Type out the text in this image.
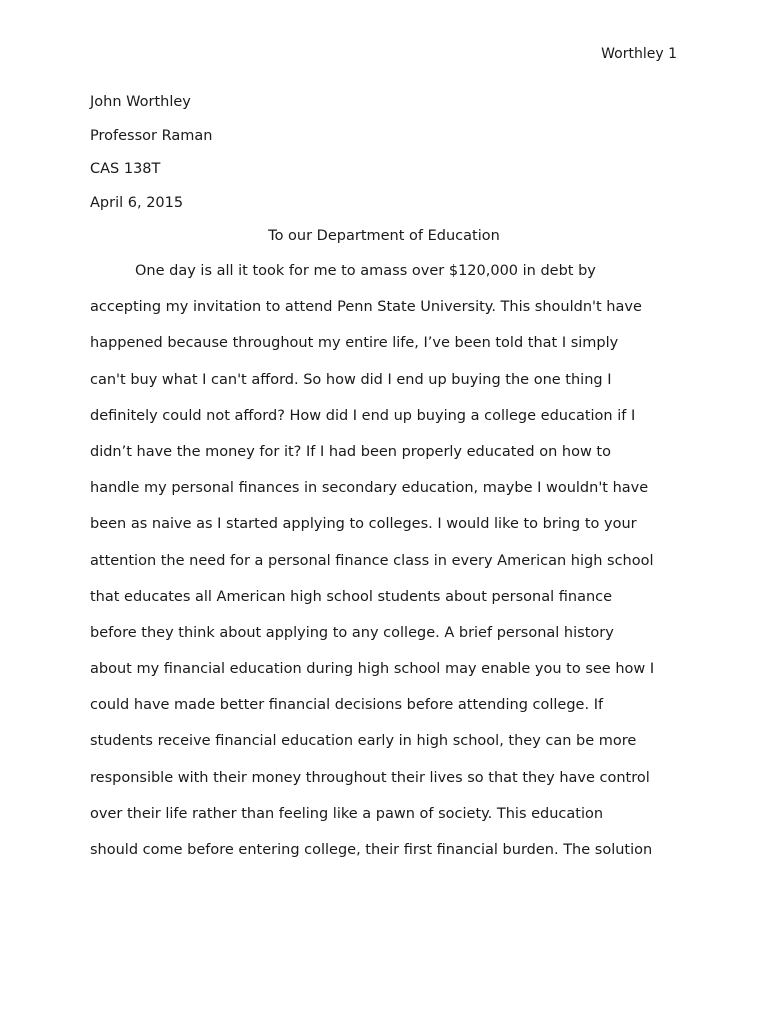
Worthley 1
John Worthley
Professor Raman
CAS 138T
April 6, 2015
To our Department of Education
One day is all it took for me to amass over $120,000 in debt by
accepting my invitation to attend Penn State University. This shouldn't have
happened because throughout my entire life, I’ve been told that I simply
can't buy what I can't afford. So how did I end up buying the one thing I
definitely could not afford? How did I end up buying a college education if I
didn’t have the money for it? If I had been properly educated on how to
handle my personal finances in secondary education, maybe I wouldn't have
been as naive as I started applying to colleges. I would like to bring to your
attention the need for a personal finance class in every American high school
that educates all American high school students about personal finance
before they think about applying to any college. A brief personal history
about my financial education during high school may enable you to see how I
could have made better financial decisions before attending college. If
students receive financial education early in high school, they can be more
responsible with their money throughout their lives so that they have control
over their life rather than feeling like a pawn of society. This education
should come before entering college, their first financial burden. The solution
